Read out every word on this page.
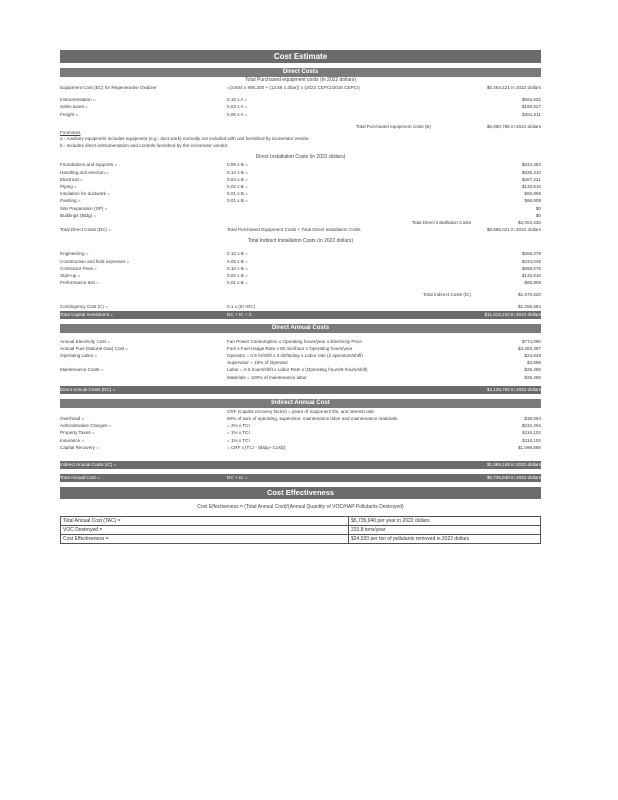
Cost Estimate
Direct Costs
Total Purchased equipment costs (in 2022 dollars)
Equipment Cost (EC) for Regenerative Oxidizer	=(3.604 x 990,200 + (13.56 x 2bar)) x (2022 CEPCI/2016 CEPCI)	$5,454,421 in 2022 dollars
Instrumentation =	0.10 x A =	$563,632
Sales taxes =	0.03 x A =	$168,527
Freight =	0.05 x A =	$281,211
Total Purchased equipment costs (B)	$6,680,785 in 2022 dollars
Footnotes
a - Auxiliary equipment includes equipment (e.g., duct work) normally not included with unit furnished by incinerator vendor.
b - Includes direct instrumentation and controls furnished by the incinerator vendor.
Direct Installation Costs (in 2022 dollars)
Foundations and supports =	0.08 x B =	$534,463
Handling and erection =	0.14 x B =	$935,310
Electrical =	0.04 x B =	$267,231
Piping =	0.02 x B =	$133,616
Insulation for ductwork =	0.01 x B =	$66,808
Painting =	0.01 x B =	$66,808
Site Preparation (SP) =	$0
Buildings (Bldg) =	$0
Total Direct Installation Costs	$2,004,236
Total Direct Costs (DC) =	Total Purchased Equipment Costs + Total Direct Installation Costs	$8,685,021 in 2022 dollars
Total Indirect Installation Costs (in 2022 dollars)
Engineering =	0.10 x B =	$668,079
Construction and field expenses =	0.05 x B =	$334,039
Contractor Fees =	0.10 x B =	$668,079
Start-up =	0.02 x B =	$133,616
Performance test =	0.01 x B =	$66,808
Total Indirect Costs (IC)	$1,870,620
Contingency Cost (C) =	0.1 x (IC+DC)	$1,055,564
Total Capital Investment =	DC + IC + C	$11,610,210 in 2022 dollars
Direct Annual Costs
Annual Electricity Cost =	Fan Power Consumption x Operating hours/year x Electricity Price	$774,090
Annual Fuel (Natural Gas) Cost =	Fuel x Fuel Usage Rate x 60 min/hour x Operating hours/year	$3,283,397
Operating Labor =	Operator = 0.5 hr/shift x 3 shifts/day x Labor rate (2 operators/shift)	$24,639
Supervisor = 15% of Operator	$3,696
Maintenance Costs =	Labor = 0.5 hours/shift x Labor Rate x (Operating hours/8 hours/shift)	$25,480
Materials = 100% of maintenance labor	$25,480
Direct Annual Costs (DC) =	$4,136,782 in 2022 dollars
Indirect Annual Cost
CRF (Capital recovery factor) = years of equipment life, and interest rate
Overhead =	60% of sum of operating, supervisor, maintenance labor and maintenance materials	$38,064
Administrative Charges =	= 2% x TCI	$232,204
Property Taxes =	= 1% x TCI	$116,102
Insurance =	= 1% x TCI	$116,102
Capital Recovery =	= CRF x [TCI - (Bldg+ Cost)]	$1,096,686
Indirect Annual Costs (IC) =	$1,599,158 in 2022 dollars
Total Annual Cost =	DC + IC =	$5,735,940 in 2022 dollars
Cost Effectiveness
Cost Effectiveness = (Total Annual Cost)/(Annual Quantity of VOC/HAP Pollutants Destroyed)
Total Annual Cost (TAC) =	$5,735,940 per year in 2022 dollars
VOC Destroyed =	233.8 tons/year
Cost Effectiveness =	$24,533 per ton of pollutants removed in 2022 dollars
